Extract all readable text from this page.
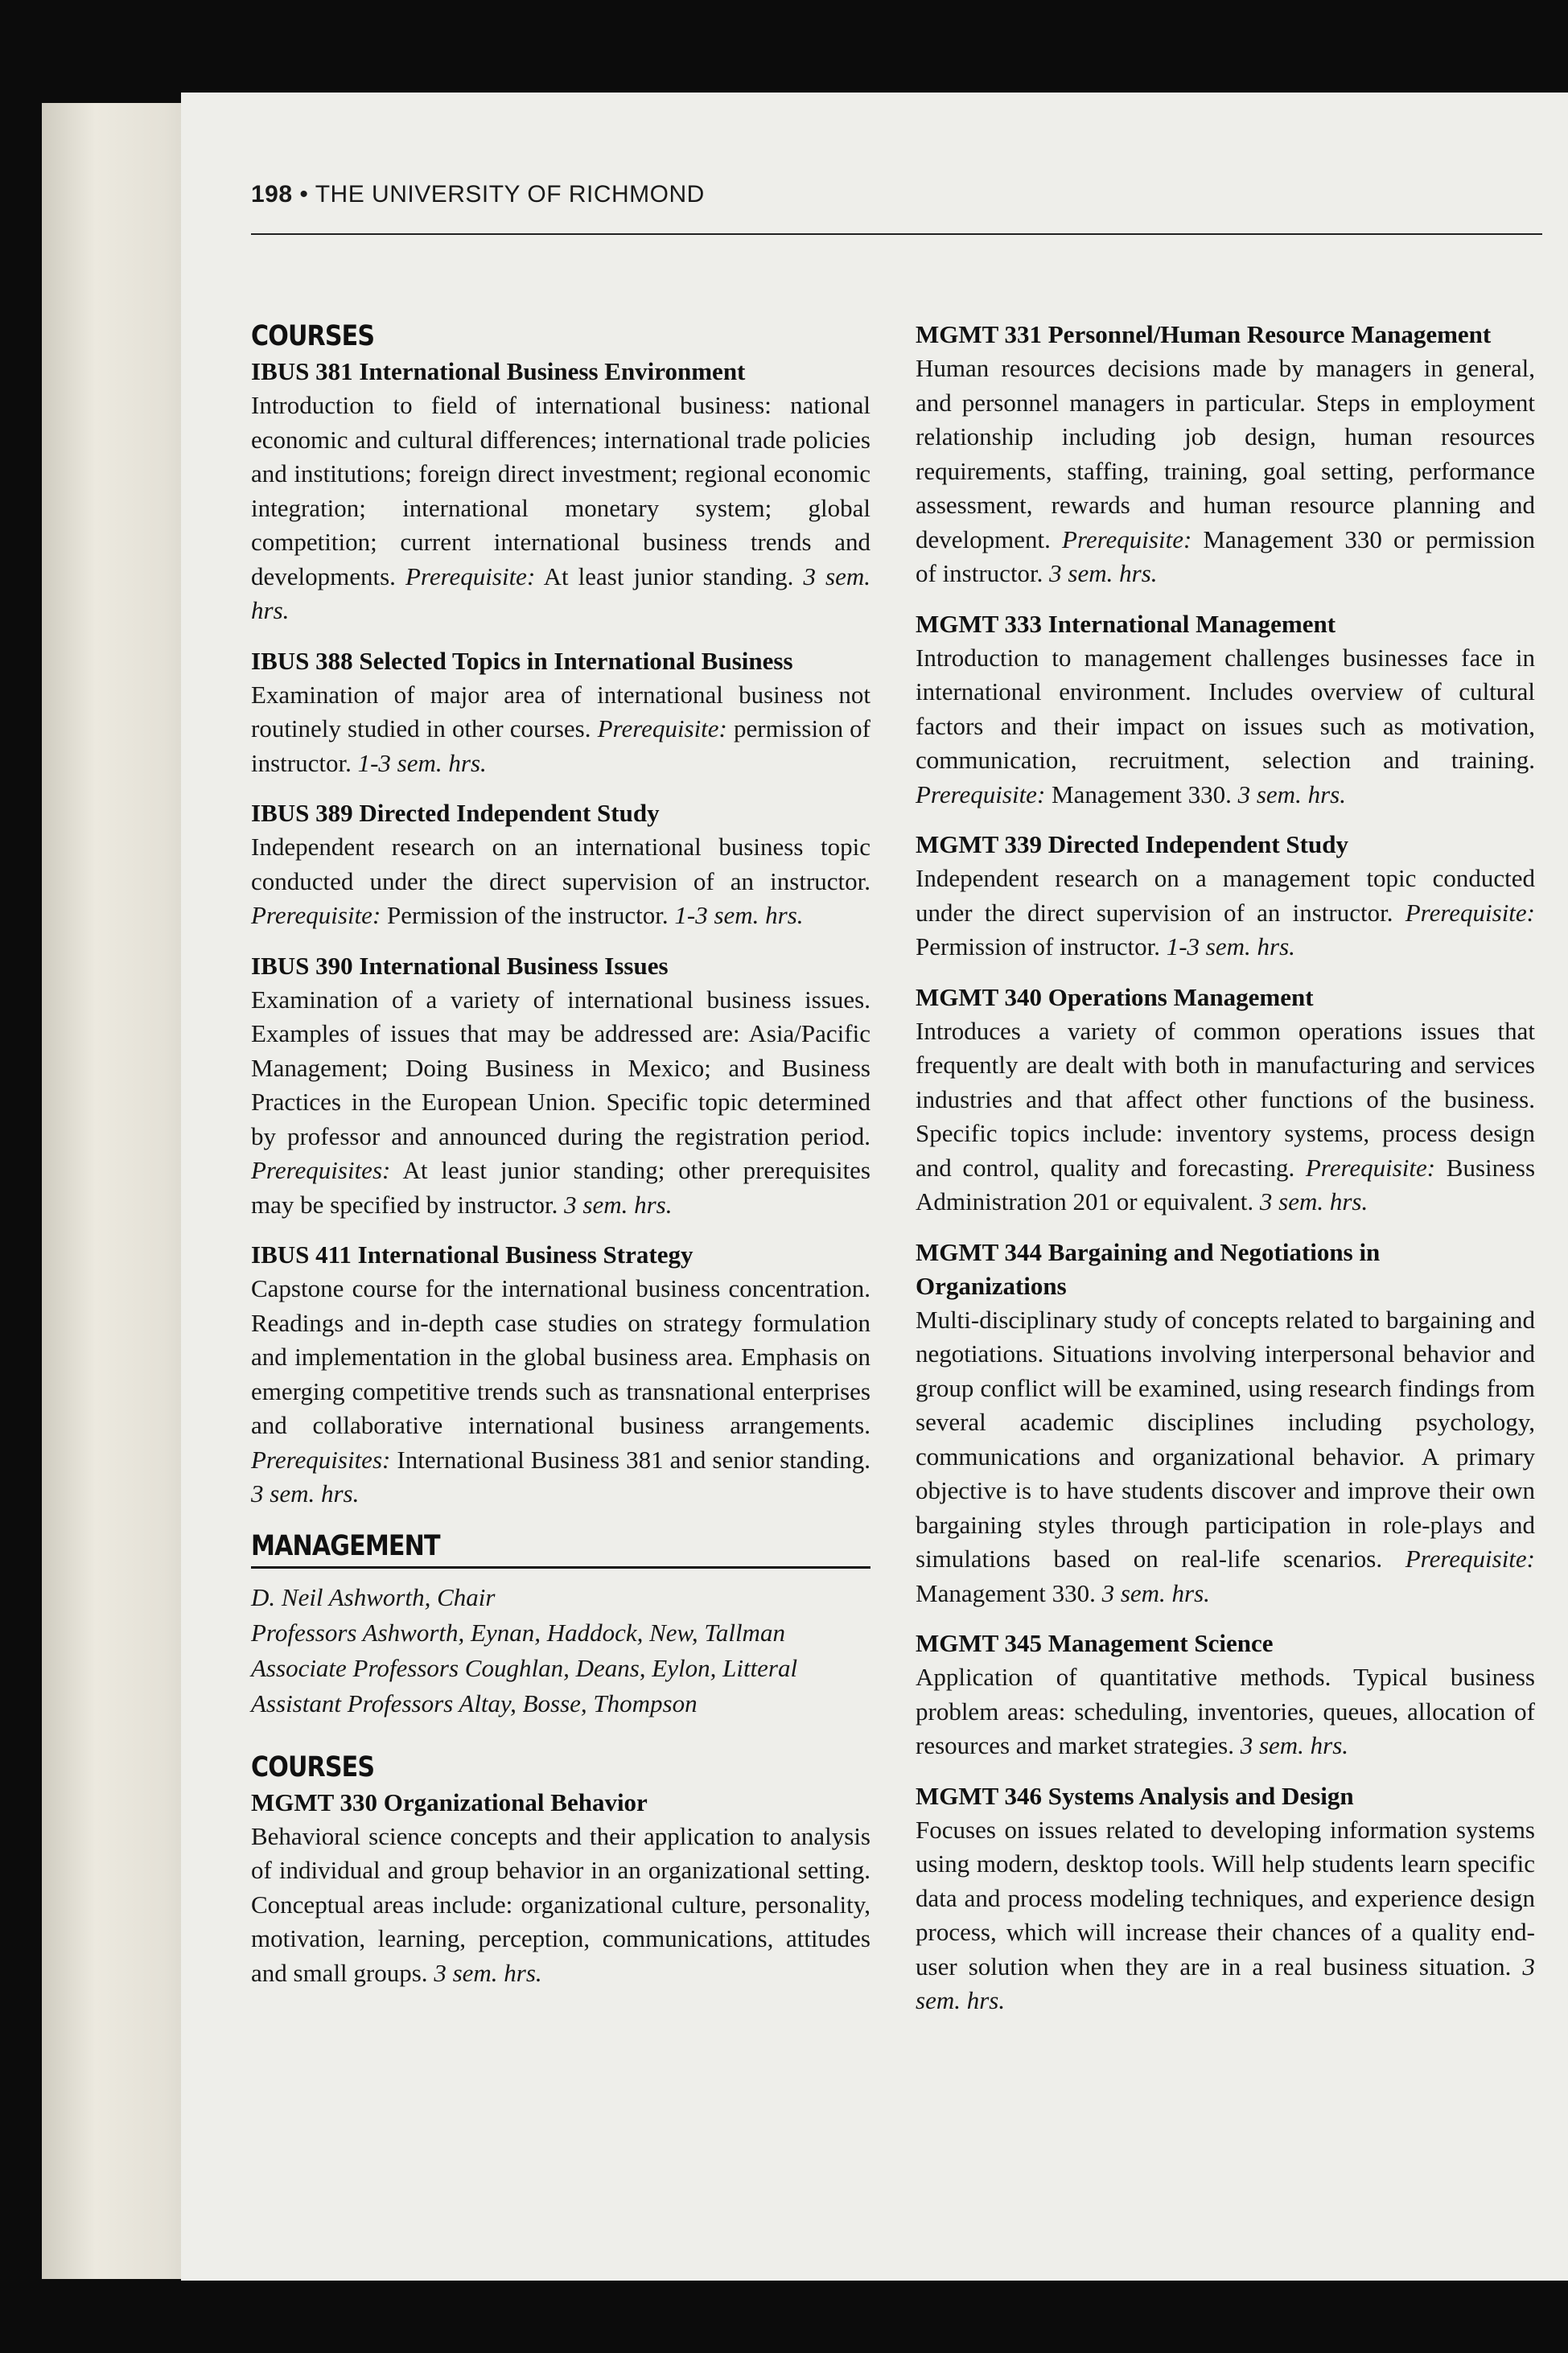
198 • THE UNIVERSITY OF RICHMOND
COURSES
IBUS 381 International Business Environment
Introduction to field of international business: national economic and cultural differences; international trade policies and institutions; foreign direct investment; regional economic integration; international monetary system; global competition; current international business trends and developments. Prerequisite: At least junior standing. 3 sem. hrs.
IBUS 388 Selected Topics in International Business
Examination of major area of international business not routinely studied in other courses. Prerequisite: permission of instructor. 1-3 sem. hrs.
IBUS 389 Directed Independent Study
Independent research on an international business topic conducted under the direct supervision of an instructor. Prerequisite: Permission of the instructor. 1-3 sem. hrs.
IBUS 390 International Business Issues
Examination of a variety of international business issues. Examples of issues that may be addressed are: Asia/Pacific Management; Doing Business in Mexico; and Business Practices in the European Union. Specific topic determined by professor and announced during the registration period. Prerequisites: At least junior standing; other prerequisites may be specified by instructor. 3 sem. hrs.
IBUS 411 International Business Strategy
Capstone course for the international business concentration. Readings and in-depth case studies on strategy formulation and implementation in the global business area. Emphasis on emerging competitive trends such as transnational enterprises and collaborative international business arrangements. Prerequisites: International Business 381 and senior standing. 3 sem. hrs.
MANAGEMENT

D. Neil Ashworth, Chair

Professors Ashworth, Eynan, Haddock, New, Tallman

Associate Professors Coughlan, Deans, Eylon, Litteral

Assistant Professors Altay, Bosse, Thompson

COURSES
MGMT 330 Organizational Behavior
Behavioral science concepts and their application to analysis of individual and group behavior in an organizational setting. Conceptual areas include: organizational culture, personality, motivation, learning, perception, communications, attitudes and small groups. 3 sem. hrs.
MGMT 331 Personnel/Human Resource Management
Human resources decisions made by managers in general, and personnel managers in particular. Steps in employment relationship including job design, human resources requirements, staffing, training, goal setting, performance assessment, rewards and human resource planning and development. Prerequisite: Management 330 or permission of instructor. 3 sem. hrs.
MGMT 333 International Management
Introduction to management challenges businesses face in international environment. Includes overview of cultural factors and their impact on issues such as motivation, communication, recruitment, selection and training. Prerequisite: Management 330. 3 sem. hrs.
MGMT 339 Directed Independent Study
Independent research on a management topic conducted under the direct supervision of an instructor. Prerequisite: Permission of instructor. 1-3 sem. hrs.
MGMT 340 Operations Management
Introduces a variety of common operations issues that frequently are dealt with both in manufacturing and services industries and that affect other functions of the business. Specific topics include: inventory systems, process design and control, quality and forecasting. Prerequisite: Business Administration 201 or equivalent. 3 sem. hrs.
MGMT 344 Bargaining and Negotiations in Organizations
Multi-disciplinary study of concepts related to bargaining and negotiations. Situations involving interpersonal behavior and group conflict will be examined, using research findings from several academic disciplines including psychology, communications and organizational behavior. A primary objective is to have students discover and improve their own bargaining styles through participation in role-plays and simulations based on real-life scenarios. Prerequisite: Management 330. 3 sem. hrs.
MGMT 345 Management Science
Application of quantitative methods. Typical business problem areas: scheduling, inventories, queues, allocation of resources and market strategies. 3 sem. hrs.
MGMT 346 Systems Analysis and Design
Focuses on issues related to developing information systems using modern, desktop tools. Will help students learn specific data and process modeling techniques, and experience design process, which will increase their chances of a quality end-user solution when they are in a real business situation. 3 sem. hrs.
